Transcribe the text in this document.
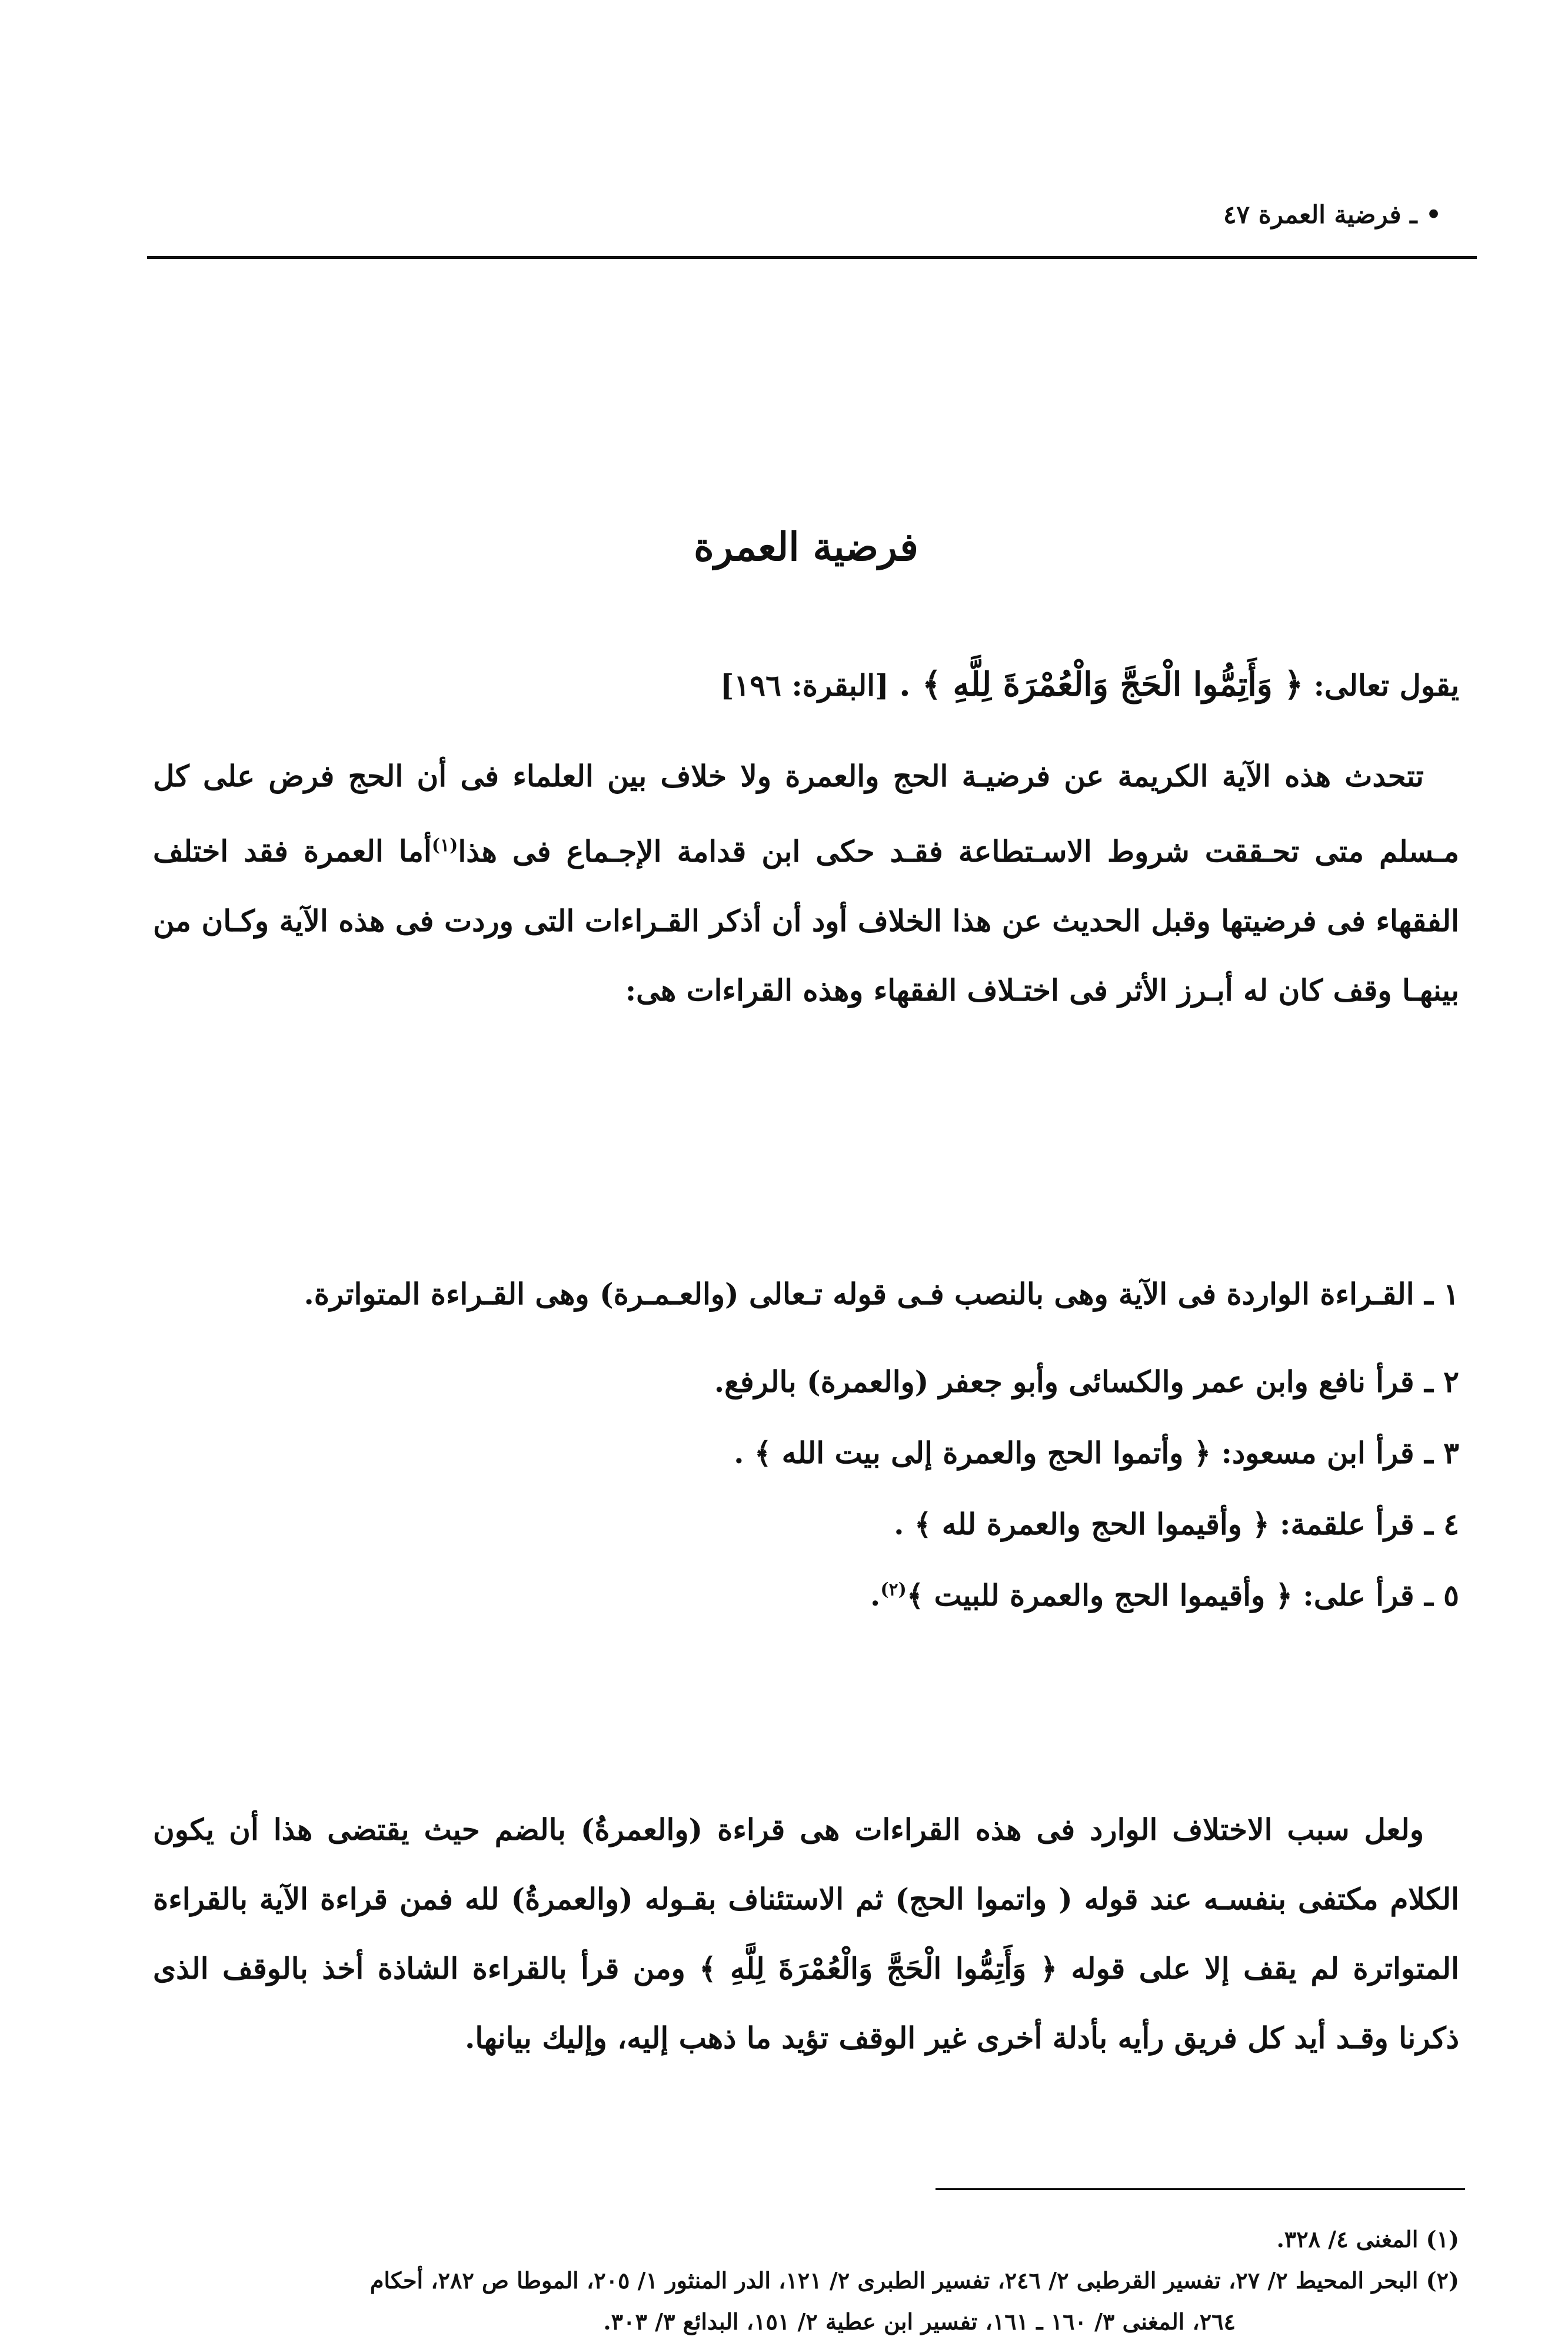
• ـ فرضية العمرة ٤٧
فرضية العمرة
يقول تعالى: ﴿ وَأَتِمُّوا الْحَجَّ وَالْعُمْرَةَ لِلَّهِ ﴾ . [البقرة: ١٩٦]
تتحدث هذه الآية الكريمة عن فرضيـة الحج والعمرة ولا خلاف بين العلماء فى أن الحج فرض على كل مـسلم متى تحـققت شروط الاسـتطاعة فقـد حكى ابن قدامة الإجـماع فى هذا$^{(١)}$أما العمرة فقد اختلف الفقهاء فى فرضيتها وقبل الحديث عن هذا الخلاف أود أن أذكر القـراءات التى وردت فى هذه الآية وكـان من بينهـا وقف كان له أبـرز الأثر فى اختـلاف الفقهاء وهذه القراءات هى:
١ ـ القـراءة الواردة فى الآية وهى بالنصب فـى قوله تـعالى (والعـمـرة) وهى القـراءة المتواترة.
٢ ـ قرأ نافع وابن عمر والكسائى وأبو جعفر (والعمرة) بالرفع.
٣ ـ قرأ ابن مسعود: ﴿ وأتموا الحج والعمرة إلى بيت الله ﴾ .
٤ ـ قرأ علقمة: ﴿ وأقيموا الحج والعمرة لله ﴾ .
٥ ـ قرأ على: ﴿ وأقيموا الحج والعمرة للبيت ﴾$^{(٢)}$.
ولعل سبب الاختلاف الوارد فى هذه القراءات هى قراءة (والعمرةُ) بالضم حيث يقتضى هذا أن يكون الكلام مكتفى بنفسـه عند قوله ( واتموا الحج) ثم الاستئناف بقـوله (والعمرةُ) لله فمن قراءة الآية بالقراءة المتواترة لم يقف إلا على قوله ﴿ وَأَتِمُّوا الْحَجَّ وَالْعُمْرَةَ لِلَّهِ ﴾ ومن قرأ بالقراءة الشاذة أخذ بالوقف الذى ذكرنا وقـد أيد كل فريق رأيه بأدلة أخرى غير الوقف تؤيد ما ذهب إليه، وإليك بيانها.
(١) المغنى ٤/ ٣٢٨.
(٢) البحر المحيط ٢/ ٢٧، تفسير القرطبى ٢/ ٢٤٦، تفسير الطبرى ٢/ ١٢١، الدر المنثور ١/ ٢٠٥، الموطا ص ٢٨٢، أحكام
٢٦٤، المغنى ٣/ ١٦٠ ـ ١٦١، تفسير ابن عطية ٢/ ١٥١، البدائع ٣/ ٣٠٣.
